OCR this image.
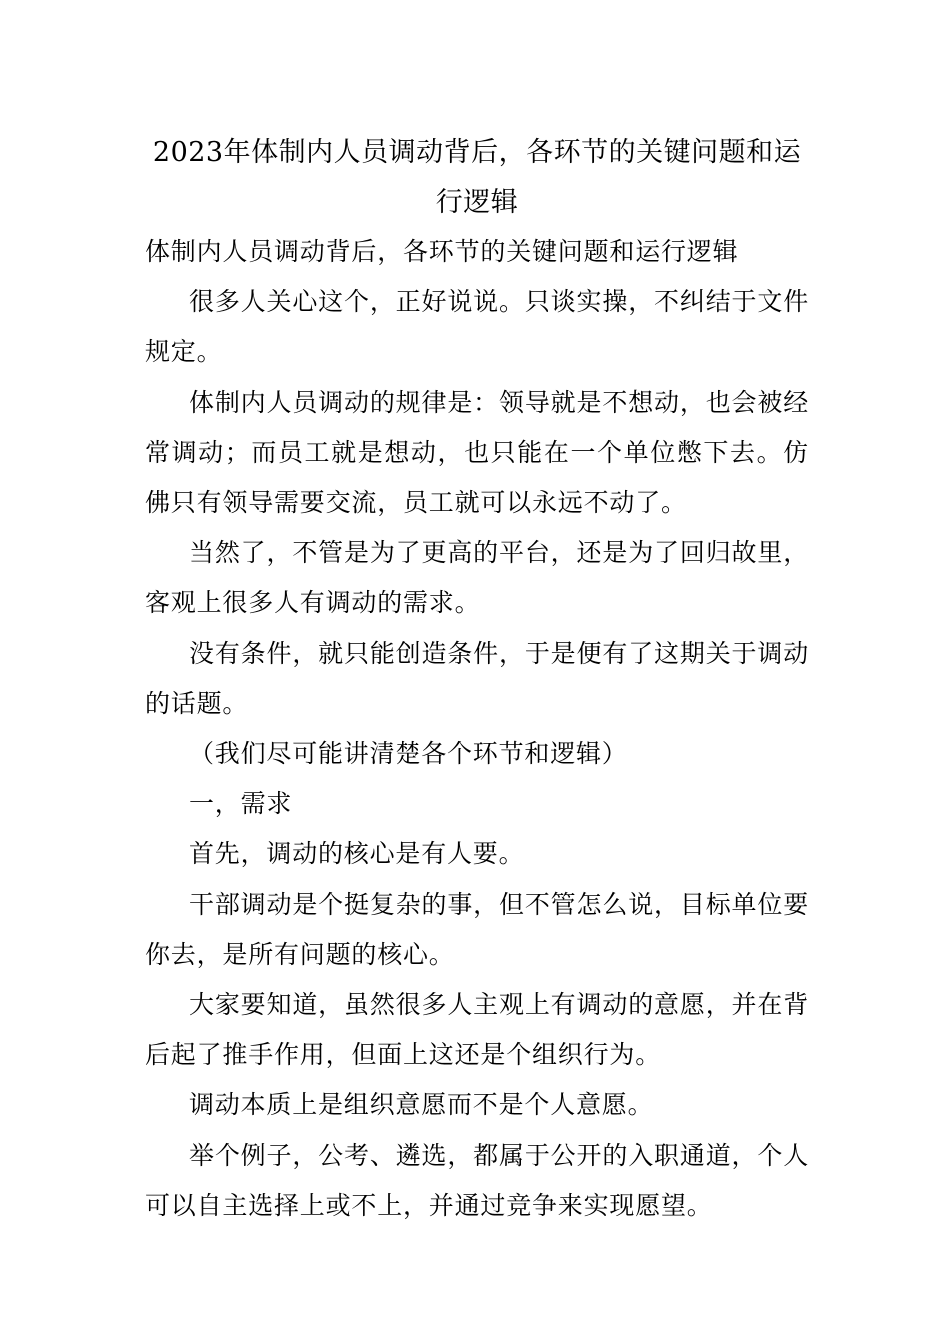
2023年体制内人员调动背后，各环节的关键问题和运行逻辑

体制内人员调动背后，各环节的关键问题和运行逻辑

很多人关心这个，正好说说。只谈实操，不纠结于文件规定。

体制内人员调动的规律是：领导就是不想动，也会被经常调动；而员工就是想动，也只能在一个单位憋下去。仿佛只有领导需要交流，员工就可以永远不动了。

当然了，不管是为了更高的平台，还是为了回归故里，客观上很多人有调动的需求。

没有条件，就只能创造条件，于是便有了这期关于调动的话题。

（我们尽可能讲清楚各个环节和逻辑）

一，需求

首先，调动的核心是有人要。

干部调动是个挺复杂的事，但不管怎么说，目标单位要你去，是所有问题的核心。

大家要知道，虽然很多人主观上有调动的意愿，并在背后起了推手作用，但面上这还是个组织行为。

调动本质上是组织意愿而不是个人意愿。

举个例子，公考、遴选，都属于公开的入职通道，个人可以自主选择上或不上，并通过竞争来实现愿望。
